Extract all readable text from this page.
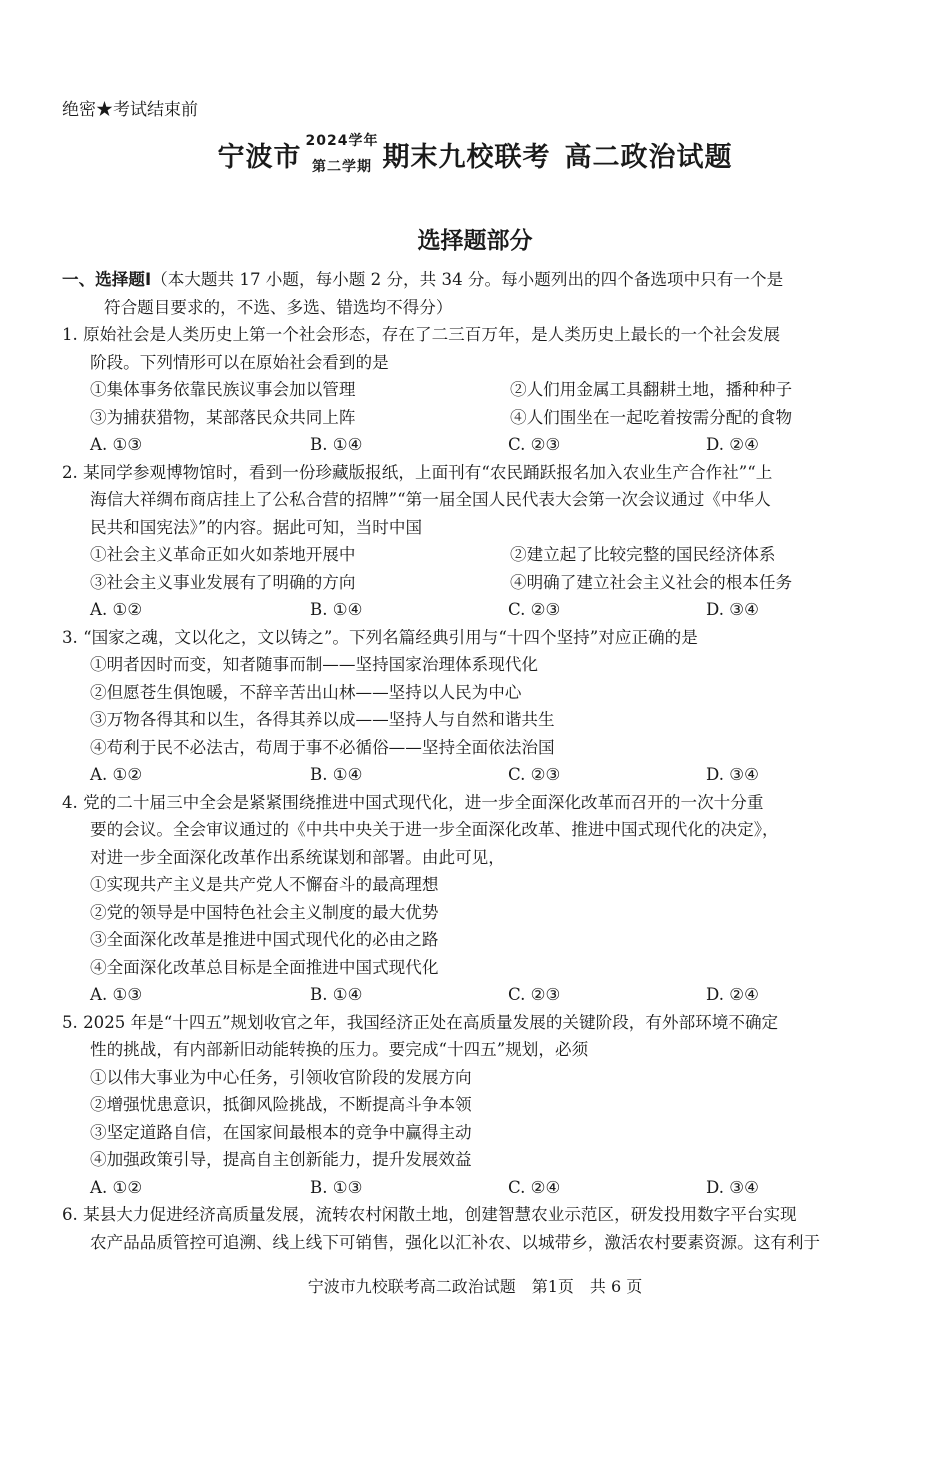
绝密★考试结束前
宁波市
2024学年
第二学期 期末九校联考 高二政治试题
选择题部分
一、选择题Ⅰ（本大题共 17 小题，每小题 2 分，共 34 分。每小题列出的四个备选项中只有一个是
符合题目要求的，不选、多选、错选均不得分）
1. 原始社会是人类历史上第一个社会形态，存在了二三百万年，是人类历史上最长的一个社会发展
阶段。下列情形可以在原始社会看到的是
①集体事务依靠民族议事会加以管理	②人们用金属工具翻耕土地，播种种子
③为捕获猎物，某部落民众共同上阵	④人们围坐在一起吃着按需分配的食物
A. ①③	B. ①④	C. ②③	D. ②④
2. 某同学参观博物馆时，看到一份珍藏版报纸，上面刊有“农民踊跃报名加入农业生产合作社”“上
海信大祥绸布商店挂上了公私合营的招牌”“第一届全国人民代表大会第一次会议通过《中华人
民共和国宪法》”的内容。据此可知，当时中国
①社会主义革命正如火如荼地开展中	②建立起了比较完整的国民经济体系
③社会主义事业发展有了明确的方向	④明确了建立社会主义社会的根本任务
A. ①②	B. ①④	C. ②③	D. ③④
3. “国家之魂，文以化之，文以铸之”。下列名篇经典引用与“十四个坚持”对应正确的是
①明者因时而变，知者随事而制——坚持国家治理体系现代化
②但愿苍生俱饱暖，不辞辛苦出山林——坚持以人民为中心
③万物各得其和以生，各得其养以成——坚持人与自然和谐共生
④苟利于民不必法古，苟周于事不必循俗——坚持全面依法治国
A. ①②	B. ①④	C. ②③	D. ③④
4. 党的二十届三中全会是紧紧围绕推进中国式现代化，进一步全面深化改革而召开的一次十分重
要的会议。全会审议通过的《中共中央关于进一步全面深化改革、推进中国式现代化的决定》，
对进一步全面深化改革作出系统谋划和部署。由此可见，
①实现共产主义是共产党人不懈奋斗的最高理想
②党的领导是中国特色社会主义制度的最大优势
③全面深化改革是推进中国式现代化的必由之路
④全面深化改革总目标是全面推进中国式现代化
A. ①③	B. ①④	C. ②③	D. ②④
5. 2025 年是“十四五”规划收官之年，我国经济正处在高质量发展的关键阶段，有外部环境不确定
性的挑战，有内部新旧动能转换的压力。要完成“十四五”规划，必须
①以伟大事业为中心任务，引领收官阶段的发展方向
②增强忧患意识，抵御风险挑战，不断提高斗争本领
③坚定道路自信，在国家间最根本的竞争中赢得主动
④加强政策引导，提高自主创新能力，提升发展效益
A. ①②	B. ①③	C. ②④	D. ③④
6. 某县大力促进经济高质量发展，流转农村闲散土地，创建智慧农业示范区，研发投用数字平台实现
农产品品质管控可追溯、线上线下可销售，强化以汇补农、以城带乡，激活农村要素资源。这有利于
宁波市九校联考高二政治试题　第1页　共 6 页
